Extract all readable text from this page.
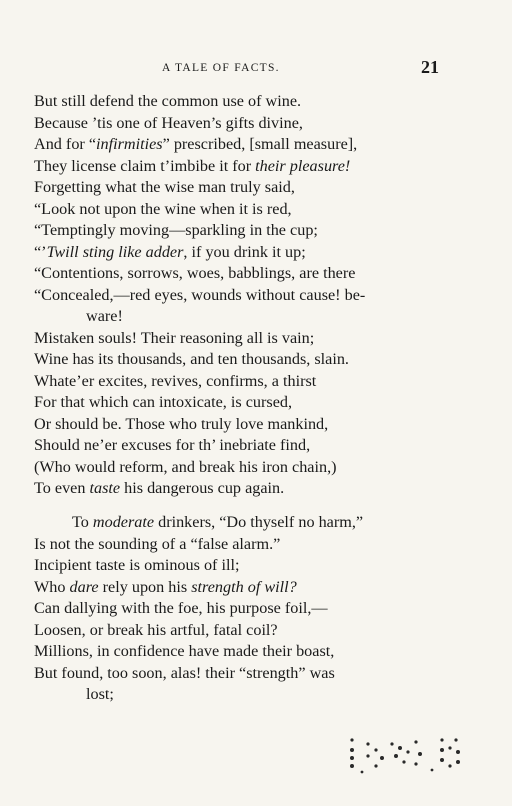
A TALE OF FACTS.	21
But still defend the common use of wine.
Because ’tis one of Heaven’s gifts divine,
And for “infirmities” prescribed, [small measure],
They license claim t’imbibe it for their pleasure!
Forgetting what the wise man truly said,
“Look not upon the wine when it is red,
“Temptingly moving—sparkling in the cup;
“’Twill sting like adder, if you drink it up;
“Contentions, sorrows, woes, babblings, are there
“Concealed,—red eyes, wounds without cause! be-
ware!
Mistaken souls! Their reasoning all is vain;
Wine has its thousands, and ten thousands, slain.
Whate’er excites, revives, confirms, a thirst
For that which can intoxicate, is cursed,
Or should be. Those who truly love mankind,
Should ne’er excuses for th’ inebriate find,
(Who would reform, and break his iron chain,)
To even taste his dangerous cup again.
To moderate drinkers, “Do thyself no harm,”
Is not the sounding of a “false alarm.”
Incipient taste is ominous of ill;
Who dare rely upon his strength of will?
Can dallying with the foe, his purpose foil,—
Loosen, or break his artful, fatal coil?
Millions, in confidence have made their boast,
But found, too soon, alas! their “strength” was
lost;
